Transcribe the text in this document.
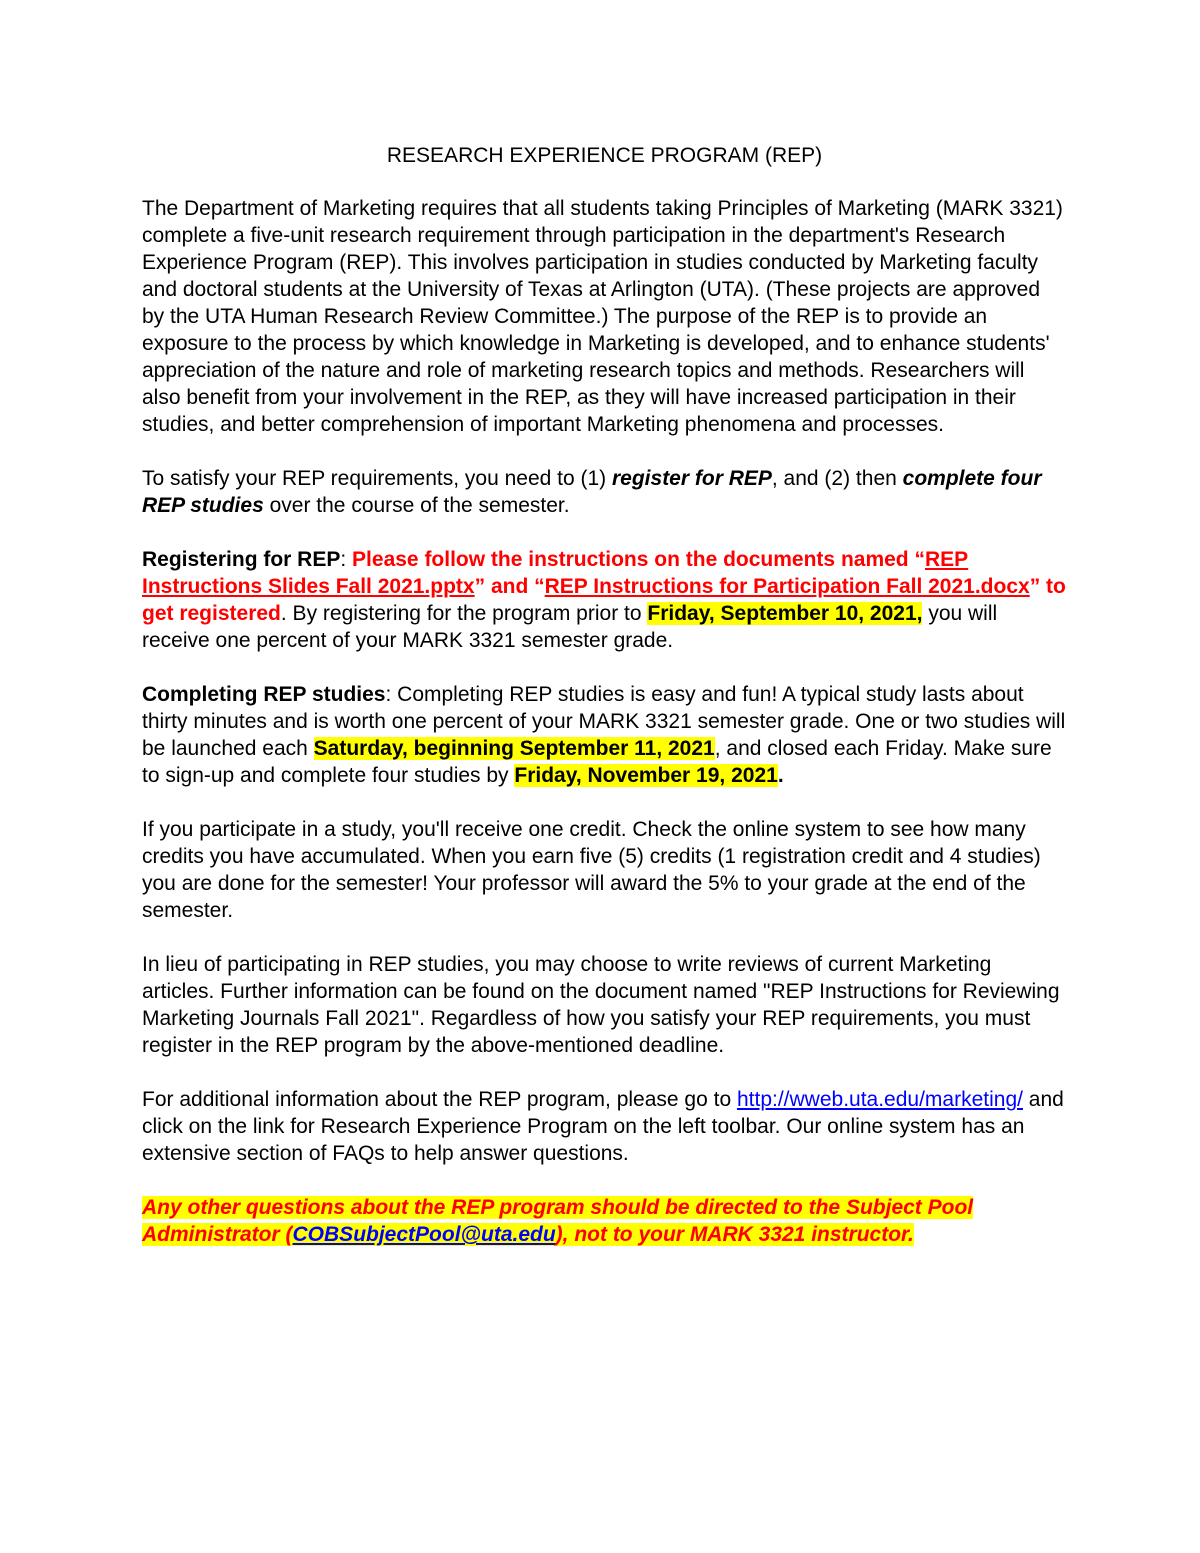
RESEARCH EXPERIENCE PROGRAM (REP)

The Department of Marketing requires that all students taking Principles of Marketing (MARK 3321) complete a five-unit research requirement through participation in the department's Research Experience Program (REP). This involves participation in studies conducted by Marketing faculty and doctoral students at the University of Texas at Arlington (UTA). (These projects are approved by the UTA Human Research Review Committee.) The purpose of the REP is to provide an exposure to the process by which knowledge in Marketing is developed, and to enhance students' appreciation of the nature and role of marketing research topics and methods. Researchers will also benefit from your involvement in the REP, as they will have increased participation in their studies, and better comprehension of important Marketing phenomena and processes.

To satisfy your REP requirements, you need to (1) register for REP, and (2) then complete four REP studies over the course of the semester.

Registering for REP: Please follow the instructions on the documents named “REP Instructions Slides Fall 2021.pptx” and “REP Instructions for Participation Fall 2021.docx” to get registered. By registering for the program prior to Friday, September 10, 2021, you will receive one percent of your MARK 3321 semester grade.

Completing REP studies: Completing REP studies is easy and fun! A typical study lasts about thirty minutes and is worth one percent of your MARK 3321 semester grade. One or two studies will be launched each Saturday, beginning September 11, 2021, and closed each Friday. Make sure to sign-up and complete four studies by Friday, November 19, 2021.

If you participate in a study, you'll receive one credit. Check the online system to see how many credits you have accumulated. When you earn five (5) credits (1 registration credit and 4 studies) you are done for the semester! Your professor will award the 5% to your grade at the end of the semester.

In lieu of participating in REP studies, you may choose to write reviews of current Marketing articles. Further information can be found on the document named "REP Instructions for Reviewing Marketing Journals Fall 2021". Regardless of how you satisfy your REP requirements, you must register in the REP program by the above-mentioned deadline.

For additional information about the REP program, please go to http://wweb.uta.edu/marketing/ and click on the link for Research Experience Program on the left toolbar. Our online system has an extensive section of FAQs to help answer questions.

Any other questions about the REP program should be directed to the Subject Pool Administrator (COBSubjectPool@uta.edu), not to your MARK 3321 instructor.
